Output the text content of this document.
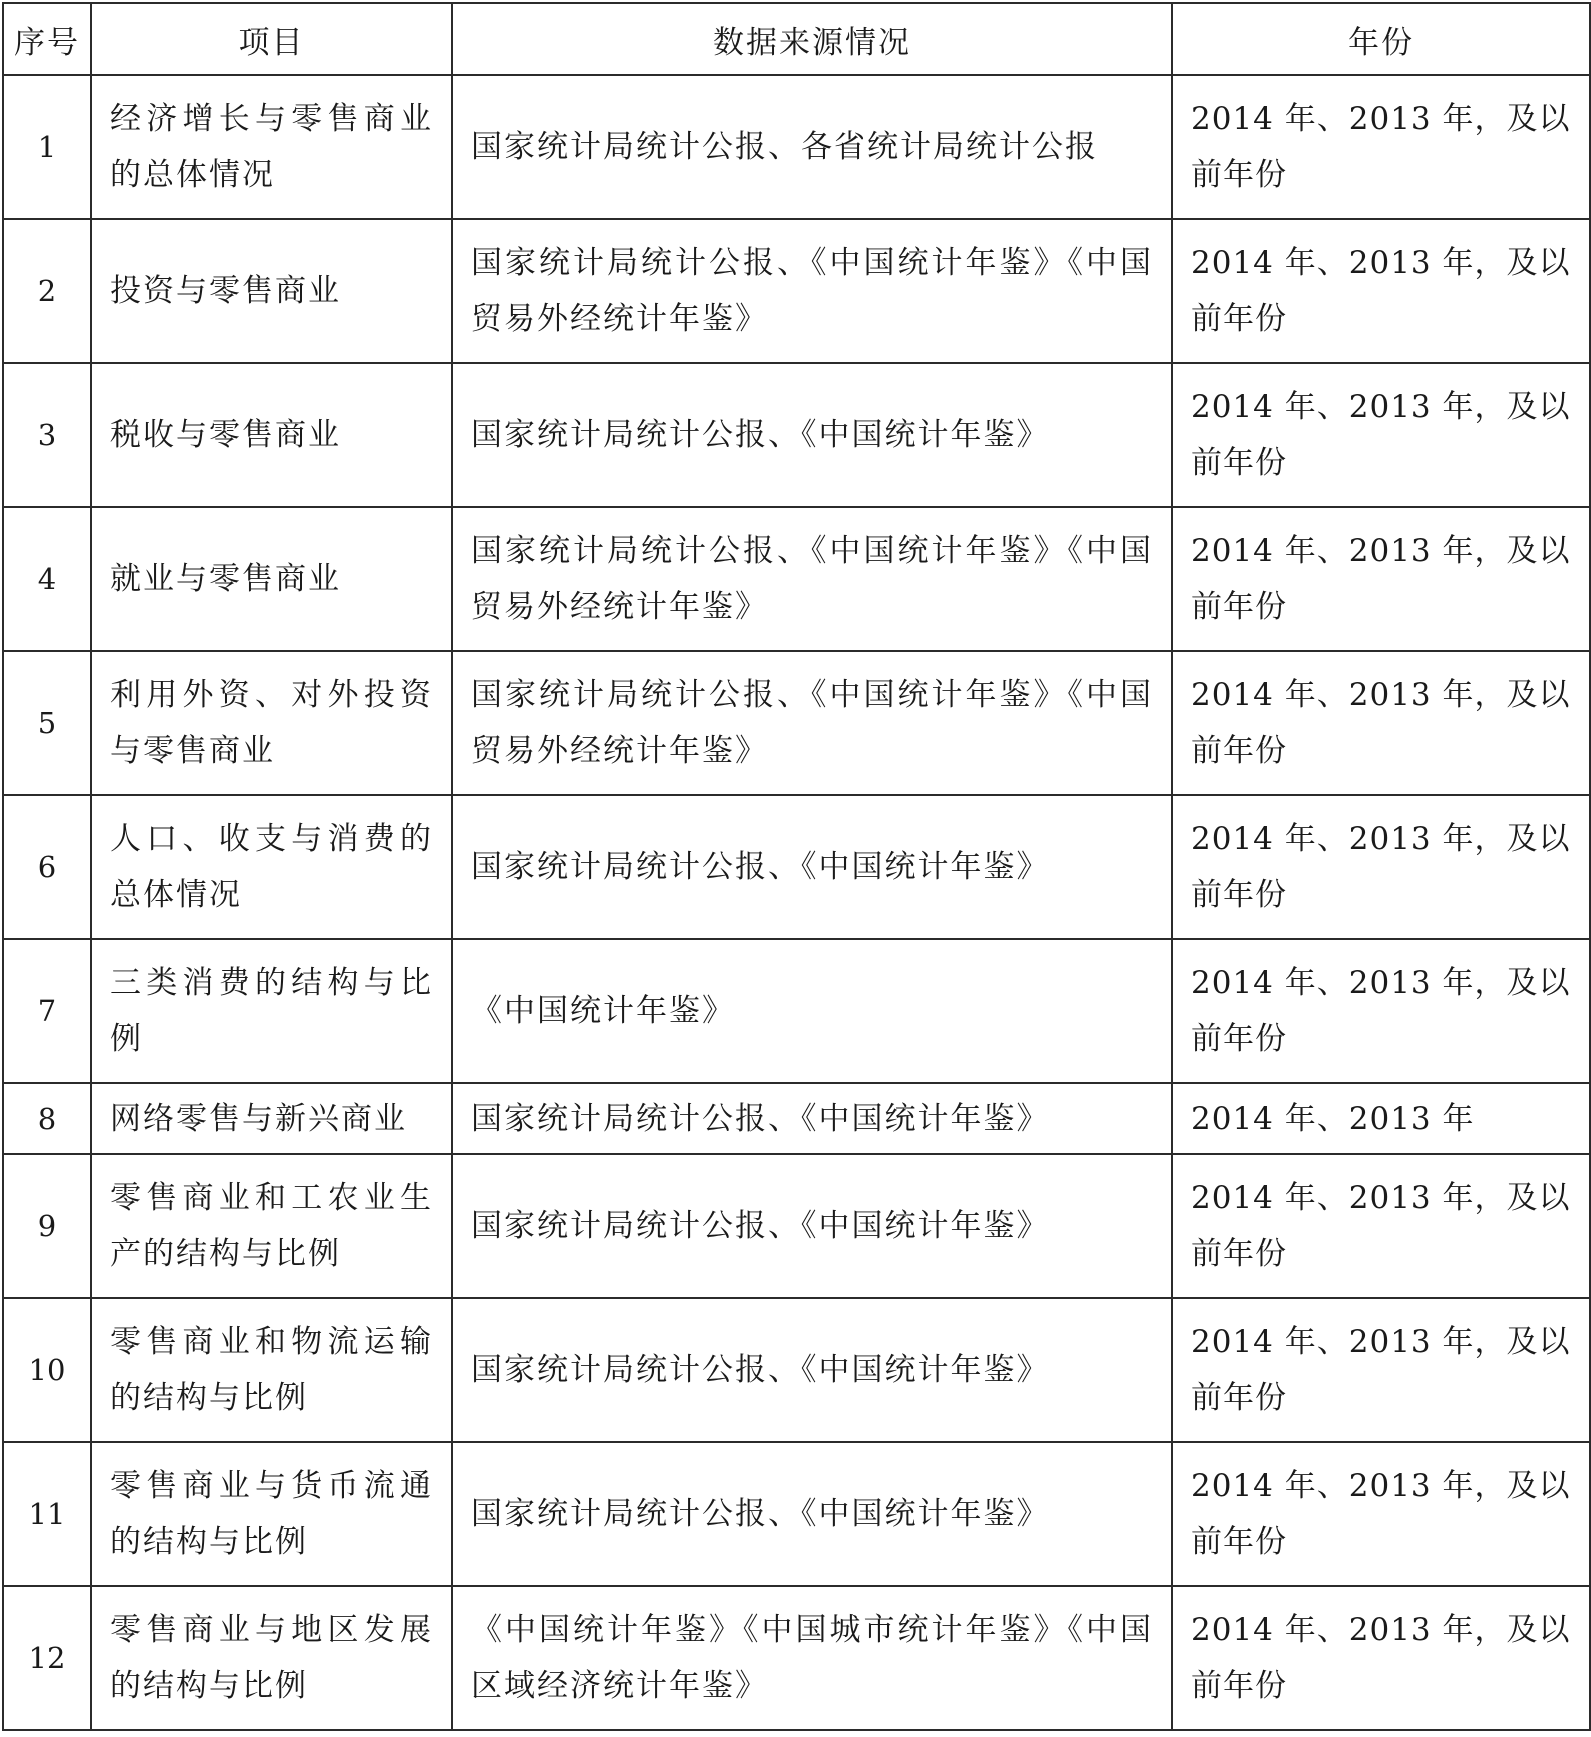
序号	项目	数据来源情况	年份
1	经济增长与零售商业的总体情况	国家统计局统计公报、各省统计局统计公报	2014 年、2013 年，及以前年份
2	投资与零售商业	国家统计局统计公报、《中国统计年鉴》《中国贸易外经统计年鉴》	2014 年、2013 年，及以前年份
3	税收与零售商业	国家统计局统计公报、《中国统计年鉴》	2014 年、2013 年，及以前年份
4	就业与零售商业	国家统计局统计公报、《中国统计年鉴》《中国贸易外经统计年鉴》	2014 年、2013 年，及以前年份
5	利用外资、对外投资与零售商业	国家统计局统计公报、《中国统计年鉴》《中国贸易外经统计年鉴》	2014 年、2013 年，及以前年份
6	人口、收支与消费的总体情况	国家统计局统计公报、《中国统计年鉴》	2014 年、2013 年，及以前年份
7	三类消费的结构与比例	《中国统计年鉴》	2014 年、2013 年，及以前年份
8	网络零售与新兴商业	国家统计局统计公报、《中国统计年鉴》	2014 年、2013 年
9	零售商业和工农业生产的结构与比例	国家统计局统计公报、《中国统计年鉴》	2014 年、2013 年，及以前年份
10	零售商业和物流运输的结构与比例	国家统计局统计公报、《中国统计年鉴》	2014 年、2013 年，及以前年份
11	零售商业与货币流通的结构与比例	国家统计局统计公报、《中国统计年鉴》	2014 年、2013 年，及以前年份
12	零售商业与地区发展的结构与比例	《中国统计年鉴》《中国城市统计年鉴》《中国区域经济统计年鉴》	2014 年、2013 年，及以前年份
